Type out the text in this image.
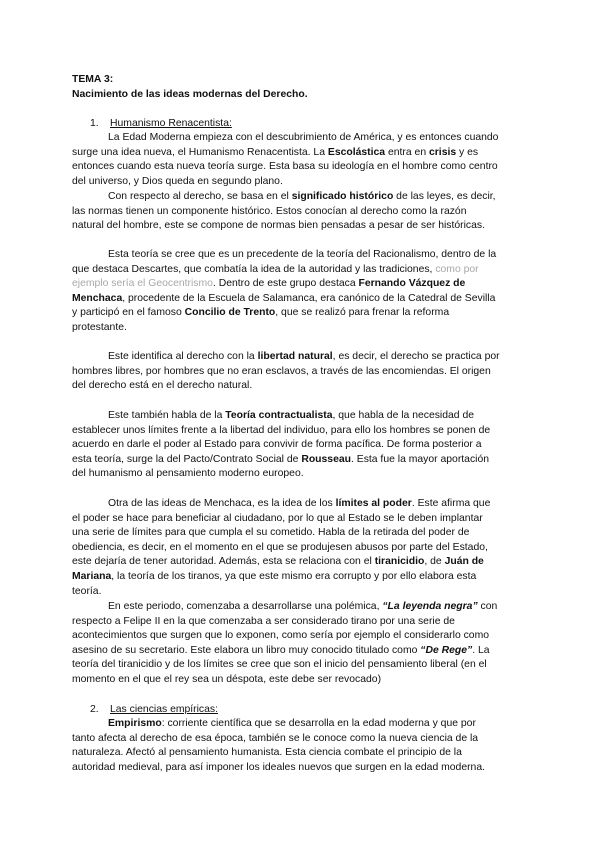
TEMA 3:
Nacimiento de las ideas modernas del Derecho.
1. Humanismo Renacentista:
La Edad Moderna empieza con el descubrimiento de América, y es entonces cuando
surge una idea nueva, el Humanismo Renacentista. La Escolástica entra en crisis y es
entonces cuando esta nueva teoría surge. Esta basa su ideología en el hombre como centro
del universo, y Dios queda en segundo plano.
Con respecto al derecho, se basa en el significado histórico de las leyes, es decir,
las normas tienen un componente histórico. Estos conocían al derecho como la razón
natural del hombre, este se compone de normas bien pensadas a pesar de ser históricas.
Esta teoría se cree que es un precedente de la teoría del Racionalismo, dentro de la
que destaca Descartes, que combatía la idea de la autoridad y las tradiciones, como por
ejemplo sería el Geocentrismo. Dentro de este grupo destaca Fernando Vázquez de
Menchaca, procedente de la Escuela de Salamanca, era canónico de la Catedral de Sevilla
y participó en el famoso Concilio de Trento, que se realizó para frenar la reforma
protestante.
Este identifica al derecho con la libertad natural, es decir, el derecho se practica por
hombres libres, por hombres que no eran esclavos, a través de las encomiendas. El origen
del derecho está en el derecho natural.
Este también habla de la Teoría contractualista, que habla de la necesidad de
establecer unos límites frente a la libertad del individuo, para ello los hombres se ponen de
acuerdo en darle el poder al Estado para convivir de forma pacífica. De forma posterior a
esta teoría, surge la del Pacto/Contrato Social de Rousseau. Esta fue la mayor aportación
del humanismo al pensamiento moderno europeo.
Otra de las ideas de Menchaca, es la idea de los límites al poder. Este afirma que
el poder se hace para beneficiar al ciudadano, por lo que al Estado se le deben implantar
una serie de límites para que cumpla el su cometido. Habla de la retirada del poder de
obediencia, es decir, en el momento en el que se produjesen abusos por parte del Estado,
este dejaría de tener autoridad. Además, esta se relaciona con el tiranicidio, de Juán de
Mariana, la teoría de los tiranos, ya que este mismo era corrupto y por ello elabora esta
teoría.
En este periodo, comenzaba a desarrollarse una polémica, “La leyenda negra” con
respecto a Felipe II en la que comenzaba a ser considerado tirano por una serie de
acontecimientos que surgen que lo exponen, como sería por ejemplo el considerarlo como
asesino de su secretario. Este elabora un libro muy conocido titulado como “De Rege”. La
teoría del tiranicidio y de los límites se cree que son el inicio del pensamiento liberal (en el
momento en el que el rey sea un déspota, este debe ser revocado)
2. Las ciencias empíricas:
Empirismo: corriente científica que se desarrolla en la edad moderna y que por
tanto afecta al derecho de esa época, también se le conoce como la nueva ciencia de la
naturaleza. Afectó al pensamiento humanista. Esta ciencia combate el principio de la
autoridad medieval, para así imponer los ideales nuevos que surgen en la edad moderna.
